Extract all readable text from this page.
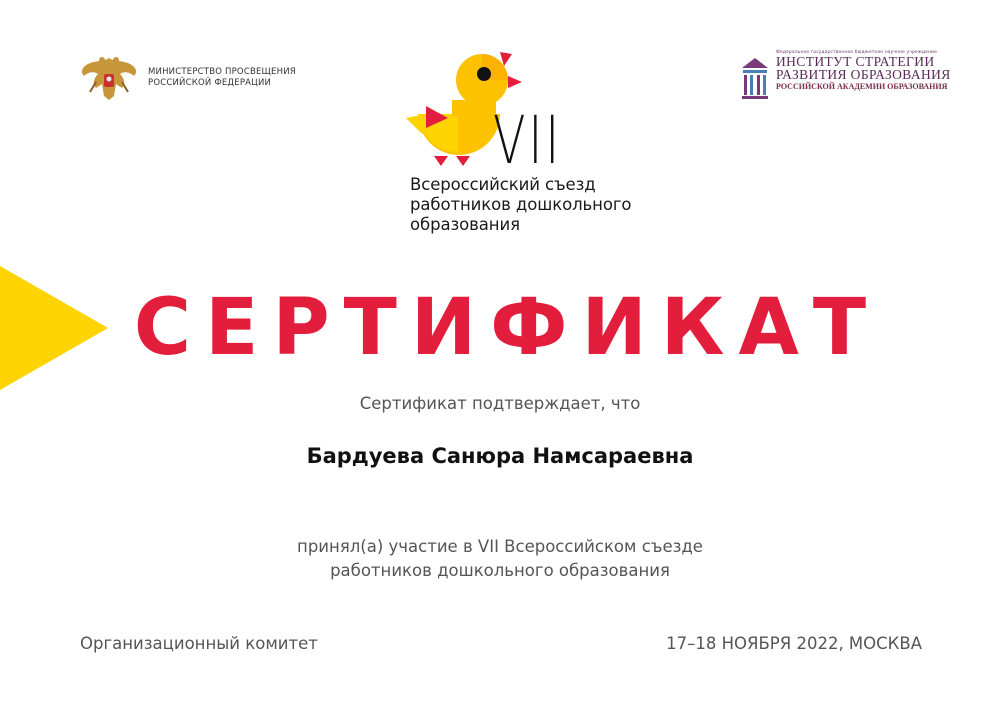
МИНИСТЕРСТВО ПРОСВЕЩЕНИЯ
РОССИЙСКОЙ ФЕДЕРАЦИИ
Федеральное государственное бюджетное научное учреждение
ИНСТИТУТ СТРАТЕГИИ
РАЗВИТИЯ ОБРАЗОВАНИЯ
РОССИЙСКОЙ АКАДЕМИИ ОБРАЗОВАНИЯ
VII
Всероссийский съезд
работников дошкольного
образования
СЕРТИФИКАТ
Сертификат подтверждает, что
Бардуева Санюра Намсараевна
принял(а) участие в VII Всероссийском съезде
работников дошкольного образования
Организационный комитет	17–18 НОЯБРЯ 2022, МОСКВА
